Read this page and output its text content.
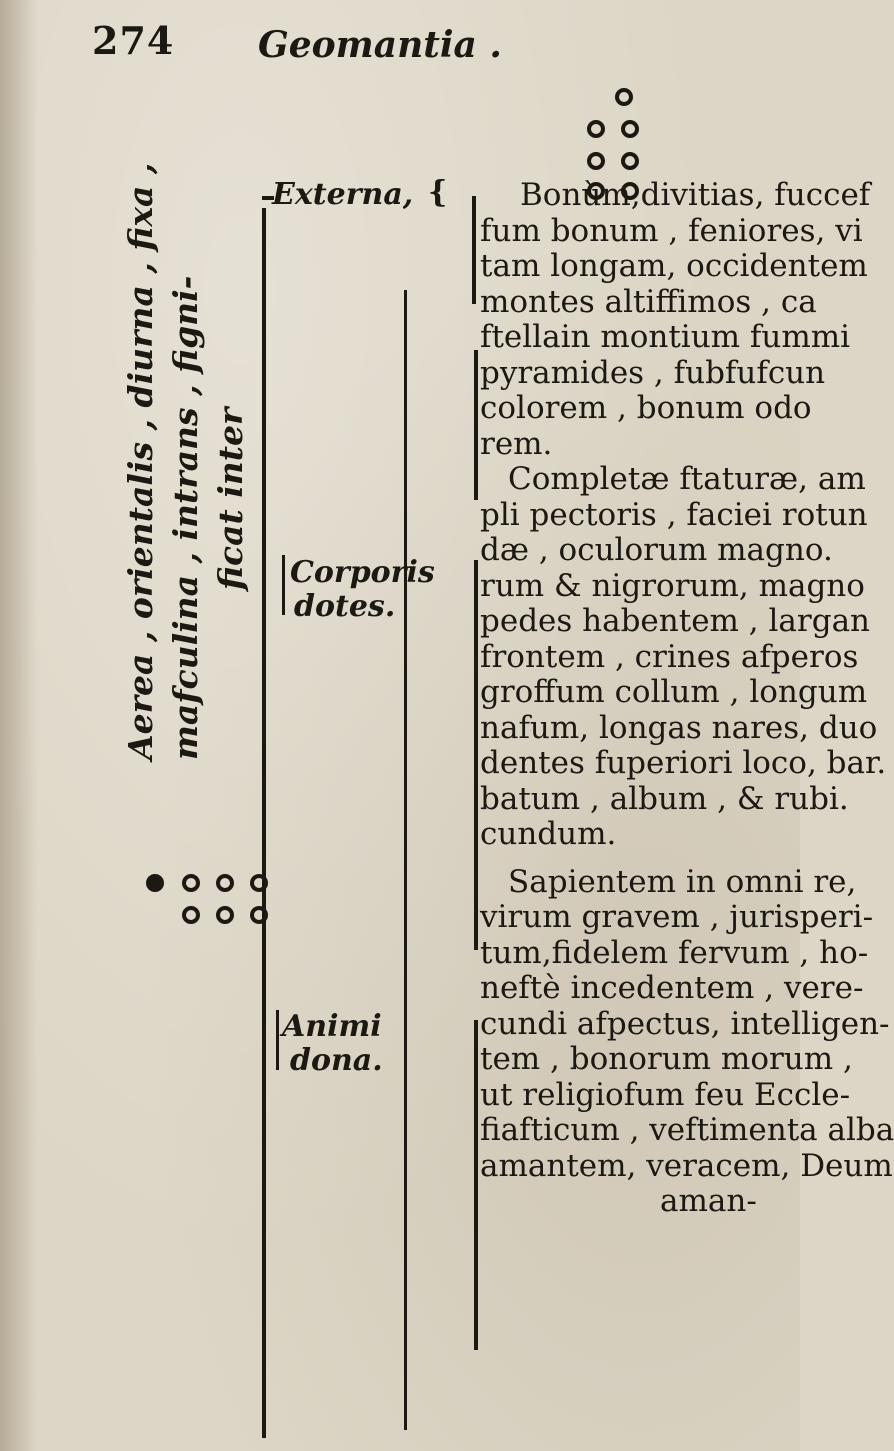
274 Geomantia .
Aerea , orientalis , diurna , fixa , mafculina , intrans , figni- ficat inter
Externa, {
Corporis
dotes.
Animi
dona.
Bonùm,divitias, fuccef
fum bonum , feniores, vi
tam longam, occidentem
montes altiffimos , ca
ftellain montium fummi
pyramides , fubfufcun
colorem , bonum odo
rem.
Completæ ftaturæ, am
pli pectoris , faciei rotun
dæ , oculorum magno.
rum & nigrorum, magno
pedes habentem , largan
frontem , crines afperos
groffum collum , longum
nafum, longas nares, duo
dentes fuperiori loco, bar.
batum , album , & rubi.
cundum.
Sapientem in omni re,
virum gravem , jurisperi-
tum,fidelem fervum , ho-
neftè incedentem , vere-
cundi afpectus, intelligen-
tem , bonorum morum ,
ut religiofum feu Eccle-
fiafticum , veftimenta alba
amantem, veracem, Deum
aman-
